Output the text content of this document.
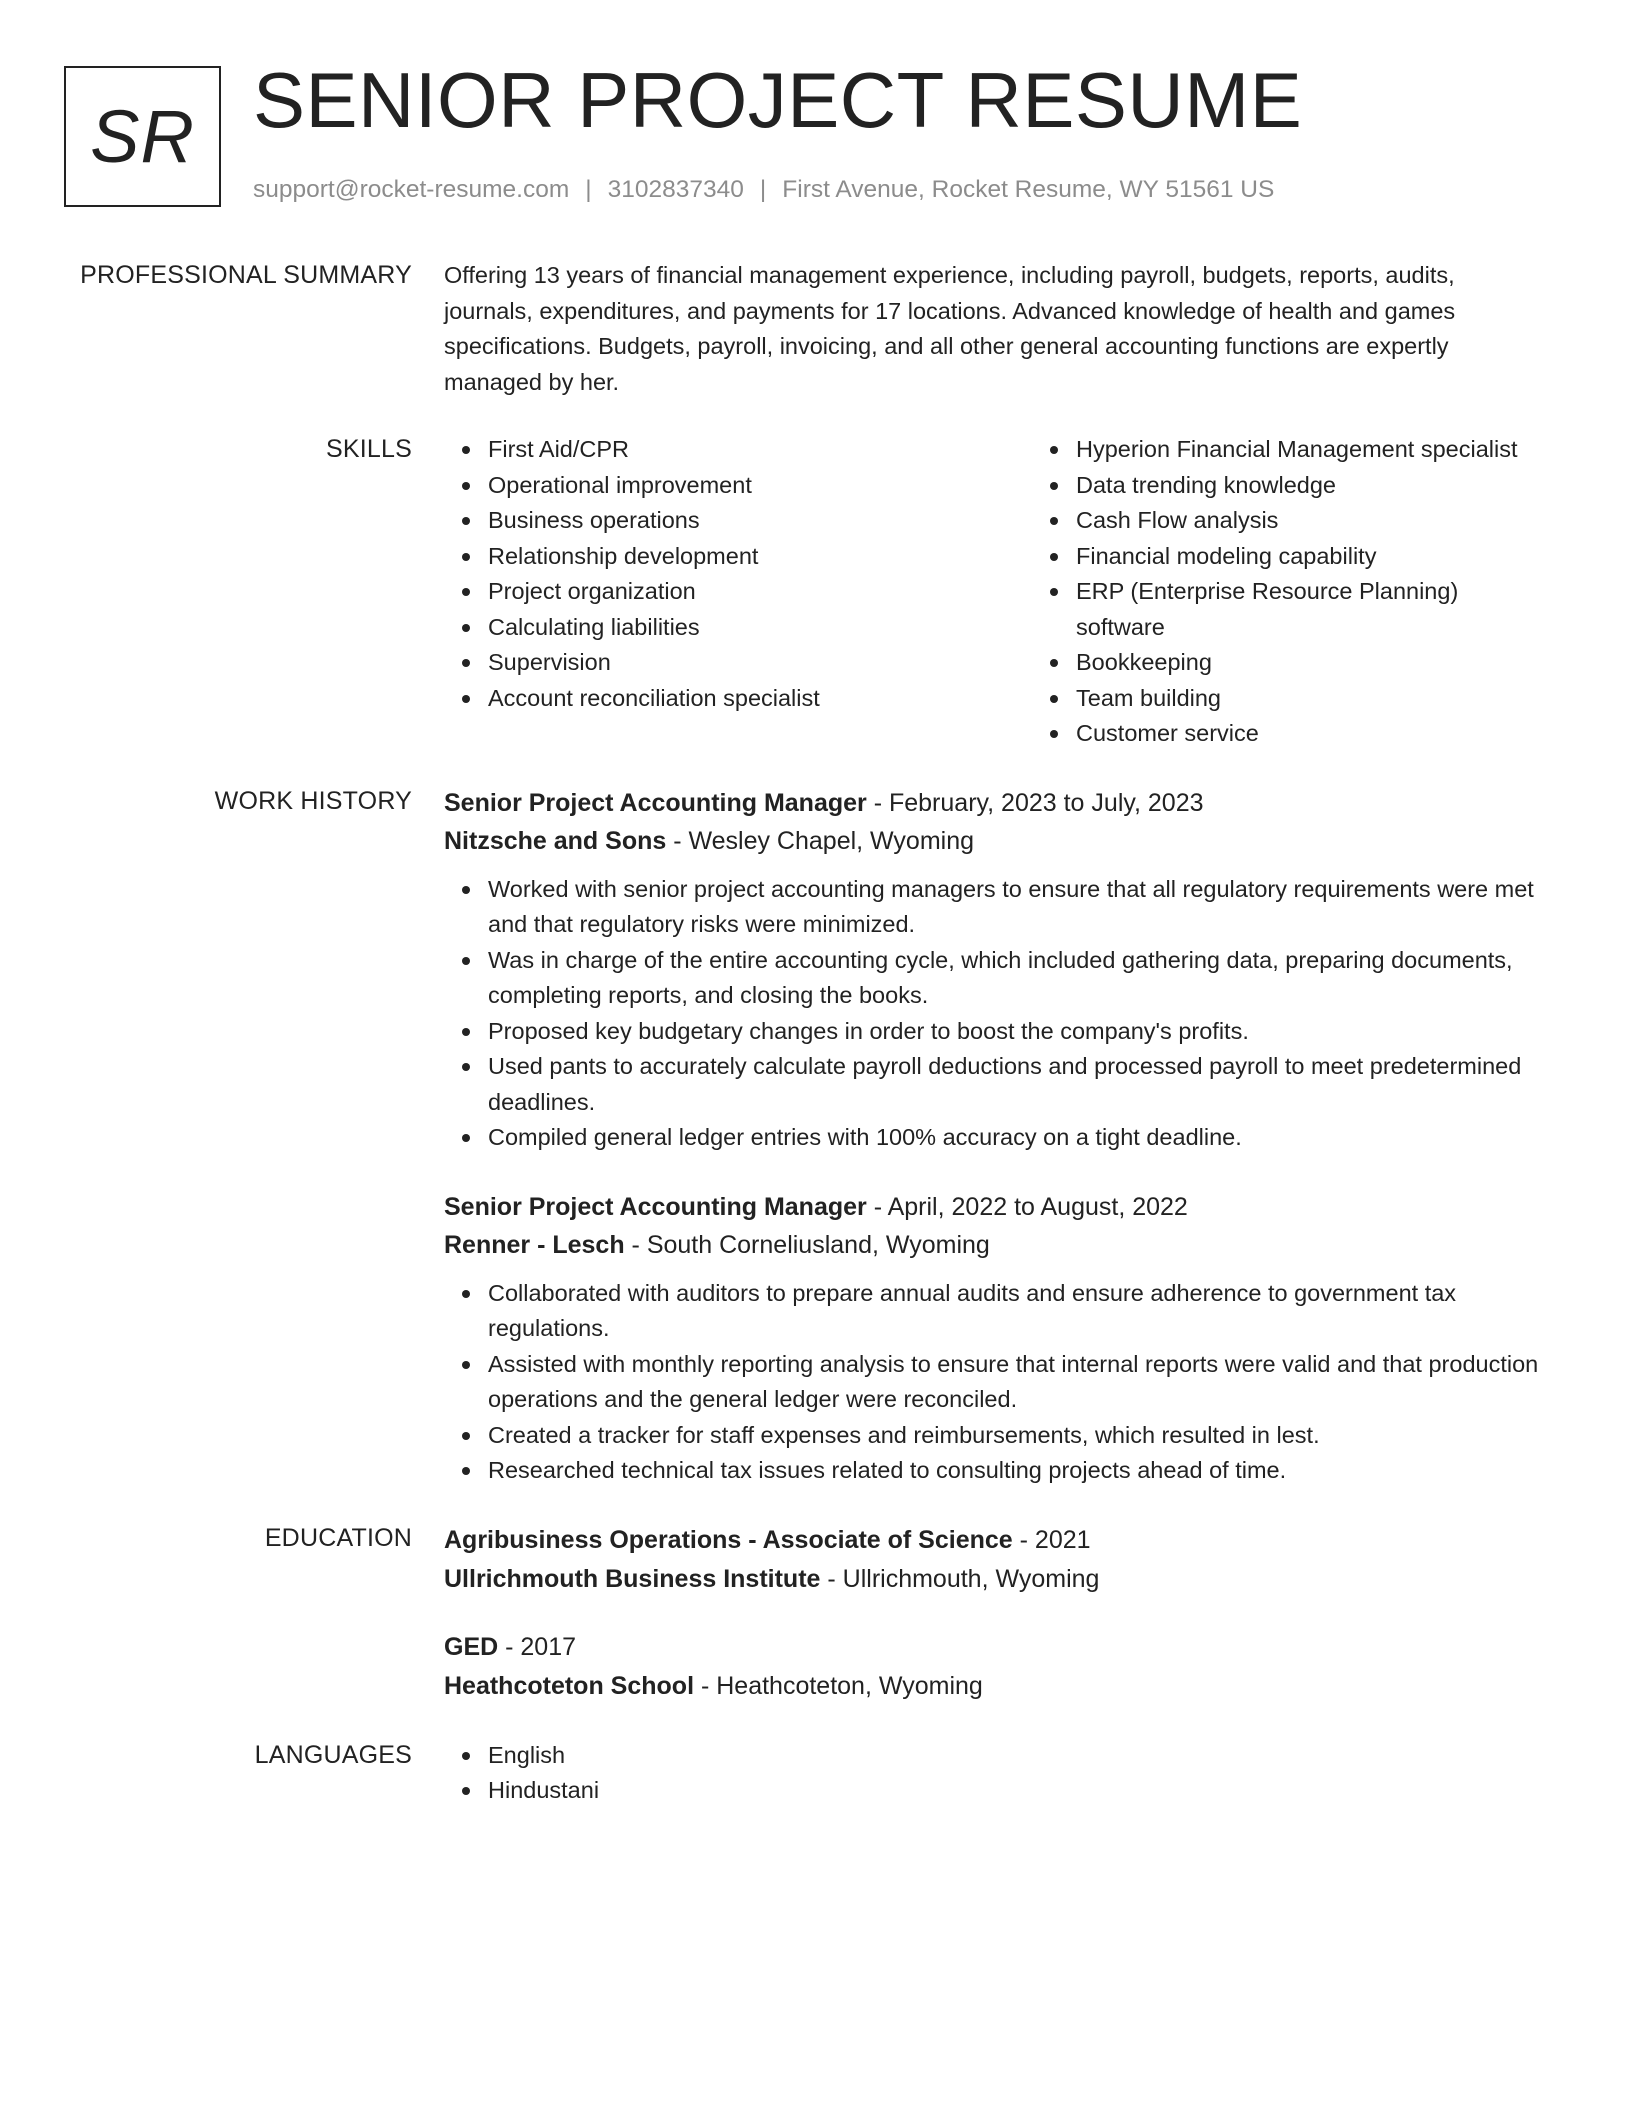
SR SENIOR PROJECT RESUME
support@rocket-resume.com | 3102837340 | First Avenue, Rocket Resume, WY 51561 US
PROFESSIONAL SUMMARY Offering 13 years of financial management experience, including payroll, budgets, reports, audits, journals, expenditures, and payments for 17 locations. Advanced knowledge of health and games specifications. Budgets, payroll, invoicing, and all other general accounting functions are expertly managed by her.

SKILLS	First Aid/CPR
Operational improvement
Business operations
Relationship development
Project organization
Calculating liabilities
Supervision
Account reconciliation specialist
Hyperion Financial Management specialist
Data trending knowledge
Cash Flow analysis
Financial modeling capability
ERP (Enterprise Resource Planning) software
Bookkeeping
Team building
Customer service
WORK HISTORY Senior Project Accounting Manager - February, 2023 to July, 2023
Nitzsche and Sons - Wesley Chapel, Wyoming
Worked with senior project accounting managers to ensure that all regulatory requirements were met and that regulatory risks were minimized.
Was in charge of the entire accounting cycle, which included gathering data, preparing documents, completing reports, and closing the books.
Proposed key budgetary changes in order to boost the company's profits.
Used pants to accurately calculate payroll deductions and processed payroll to meet predetermined deadlines.
Compiled general ledger entries with 100% accuracy on a tight deadline.
Senior Project Accounting Manager - April, 2022 to August, 2022
Renner - Lesch - South Corneliusland, Wyoming
Collaborated with auditors to prepare annual audits and ensure adherence to government tax regulations.
Assisted with monthly reporting analysis to ensure that internal reports were valid and that production operations and the general ledger were reconciled.
Created a tracker for staff expenses and reimbursements, which resulted in lest.
Researched technical tax issues related to consulting projects ahead of time.
EDUCATION Agribusiness Operations - Associate of Science - 2021
Ullrichmouth Business Institute - Ullrichmouth, Wyoming
GED - 2017
Heathcoteton School - Heathcoteton, Wyoming
LANGUAGES	English
Hindustani
